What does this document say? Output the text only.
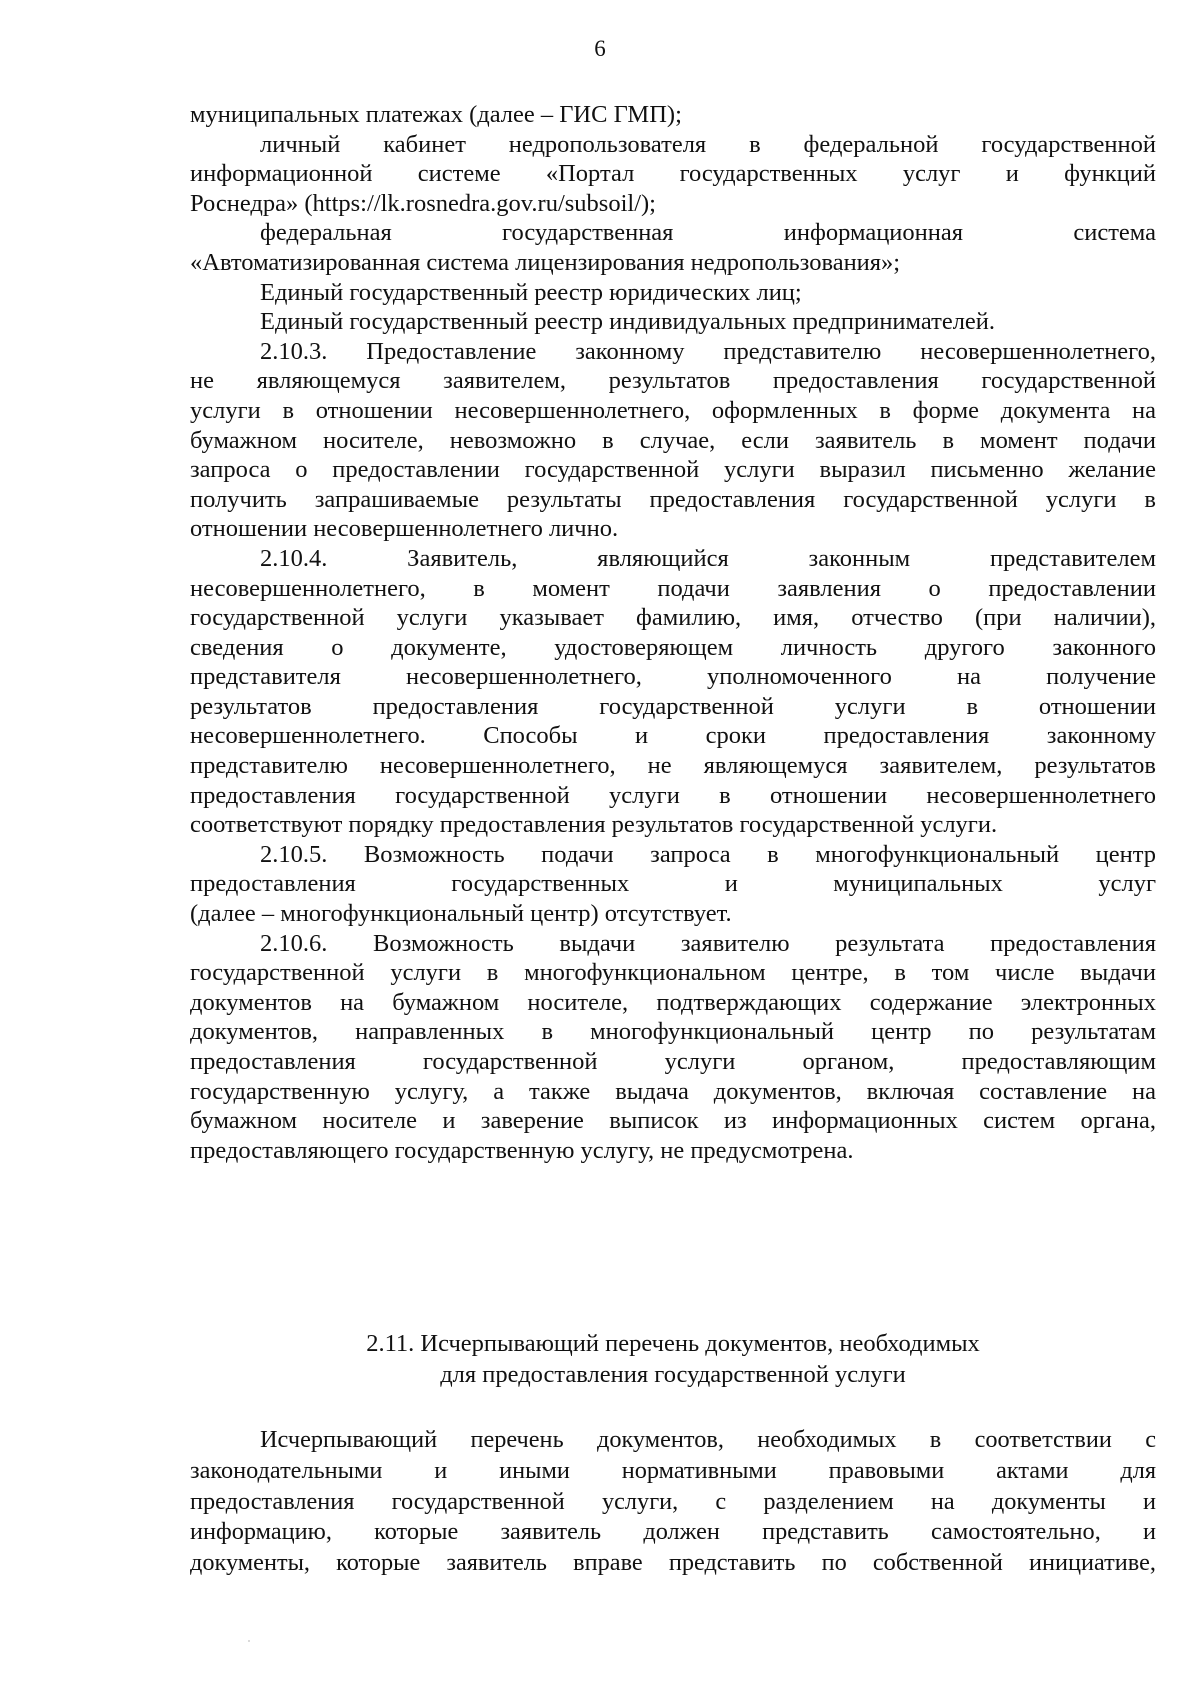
6
муниципальных платежах (далее – ГИС ГМП);
личный кабинет недропользователя в федеральной государственной
информационной системе «Портал государственных услуг и функций
Роснедра» (https://lk.rosnedra.gov.ru/subsoil/);
федеральная государственная информационная система
«Автоматизированная система лицензирования недропользования»;
Единый государственный реестр юридических лиц;
Единый государственный реестр индивидуальных предпринимателей.
2.10.3. Предоставление законному представителю несовершеннолетнего,
не являющемуся заявителем, результатов предоставления государственной
услуги в отношении несовершеннолетнего, оформленных в форме документа на
бумажном носителе, невозможно в случае, если заявитель в момент подачи
запроса о предоставлении государственной услуги выразил письменно желание
получить запрашиваемые результаты предоставления государственной услуги в
отношении несовершеннолетнего лично.
2.10.4. Заявитель, являющийся законным представителем
несовершеннолетнего, в момент подачи заявления о предоставлении
государственной услуги указывает фамилию, имя, отчество (при наличии),
сведения о документе, удостоверяющем личность другого законного
представителя несовершеннолетнего, уполномоченного на получение
результатов предоставления государственной услуги в отношении
несовершеннолетнего. Способы и сроки предоставления законному
представителю несовершеннолетнего, не являющемуся заявителем, результатов
предоставления государственной услуги в отношении несовершеннолетнего
соответствуют порядку предоставления результатов государственной услуги.
2.10.5. Возможность подачи запроса в многофункциональный центр
предоставления государственных и муниципальных услуг
(далее – многофункциональный центр) отсутствует.
2.10.6. Возможность выдачи заявителю результата предоставления
государственной услуги в многофункциональном центре, в том числе выдачи
документов на бумажном носителе, подтверждающих содержание электронных
документов, направленных в многофункциональный центр по результатам
предоставления государственной услуги органом, предоставляющим
государственную услугу, а также выдача документов, включая составление на
бумажном носителе и заверение выписок из информационных систем органа,
предоставляющего государственную услугу, не предусмотрена.
2.11. Исчерпывающий перечень документов, необходимых
для предоставления государственной услуги
Исчерпывающий перечень документов, необходимых в соответствии с
законодательными и иными нормативными правовыми актами для
предоставления государственной услуги, с разделением на документы и
информацию, которые заявитель должен представить самостоятельно, и
документы, которые заявитель вправе представить по собственной инициативе,
